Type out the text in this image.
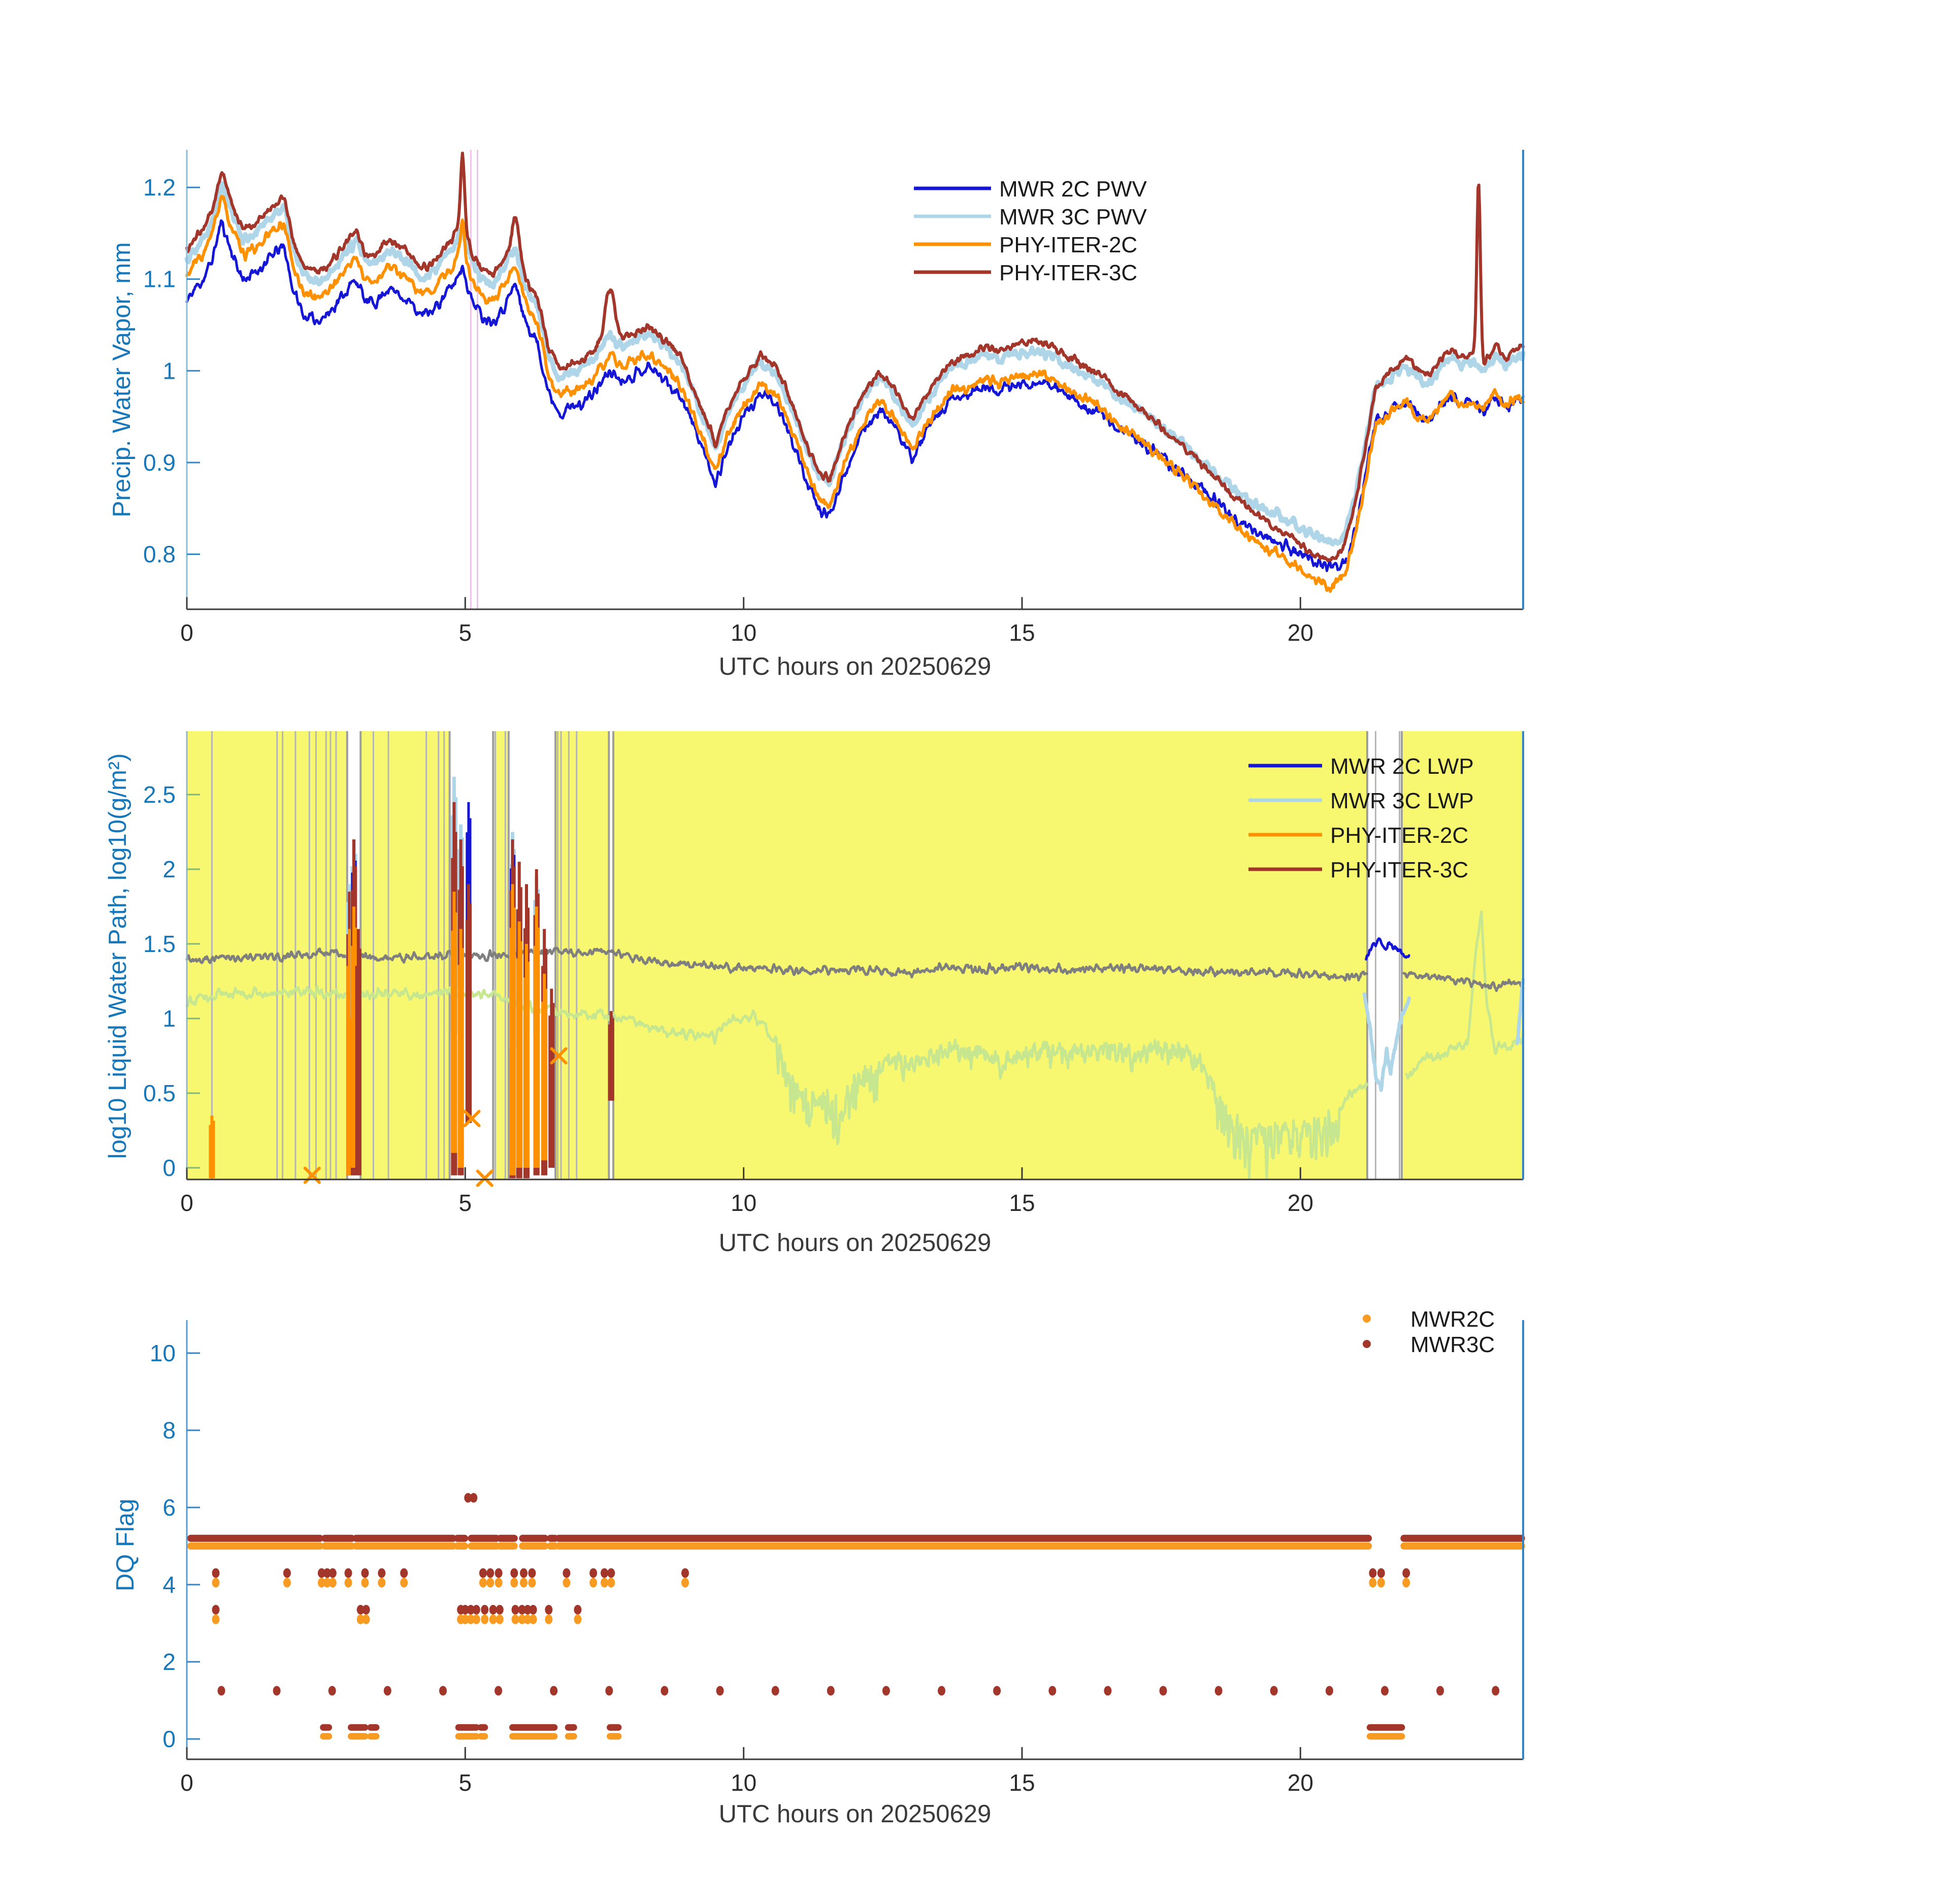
0	5	10	15	20
0.8
0.9
1
1.1
1.2
0	5	10	15	20
0
0.5
1
1.5
2
2.5
0	5	10	15	20
0
2
4
6
8
10
MWR 2C PWV
MWR 3C PWV
PHY-ITER-2C
PHY-ITER-3C
MWR 2C LWP
MWR 3C LWP
PHY-ITER-2C
PHY-ITER-3C
MWR2C
MWR3C
UTC hours on 20250629
UTC hours on 20250629
UTC hours on 20250629
Precip. Water Vapor, mm
log10 Liquid Water Path, log10(g/m²)
DQ Flag
